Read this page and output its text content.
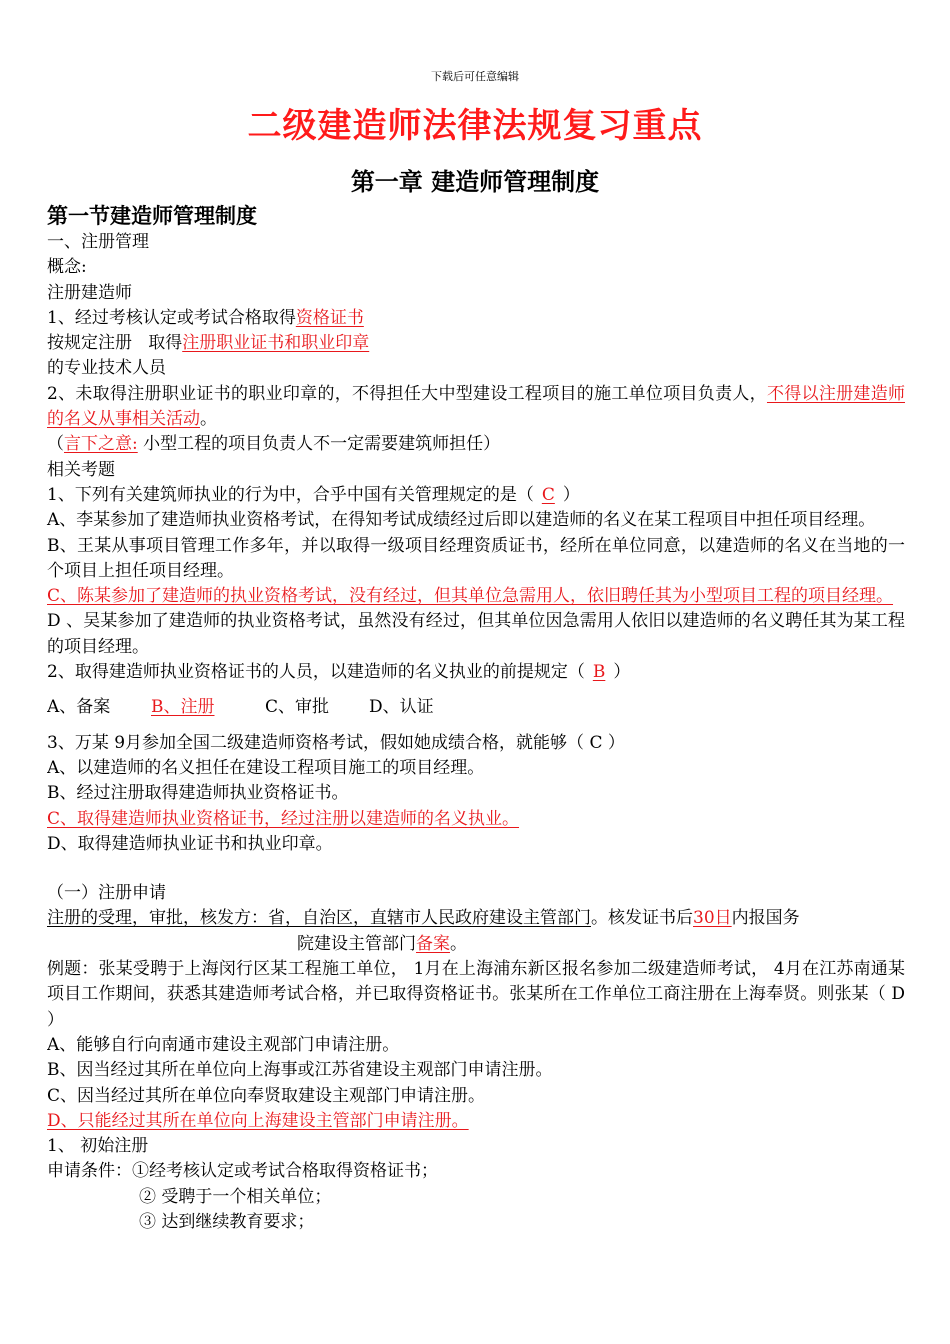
下载后可任意编辑
二级建造师法律法规复习重点
第一章 建造师管理制度
第一节建造师管理制度
一、注册管理
概念:
注册建造师
1、经过考核认定或考试合格取得资格证书
按规定注册   取得注册职业证书和职业印章
的专业技术人员
2、未取得注册职业证书的职业印章的，不得担任大中型建设工程项目的施工单位项目负责人，不得以注册建造师的名义从事相关活动。
（言下之意: 小型工程的项目负责人不一定需要建筑师担任）
相关考题
1、下列有关建筑师执业的行为中，合乎中国有关管理规定的是（ C ）
A、李某参加了建造师执业资格考试，在得知考试成绩经过后即以建造师的名义在某工程项目中担任项目经理。
B、王某从事项目管理工作多年，并以取得一级项目经理资质证书，经所在单位同意，以建造师的名义在当地的一个项目上担任项目经理。
C、陈某参加了建造师的执业资格考试，没有经过，但其单位急需用人，依旧聘任其为小型项目工程的项目经理。
D 、吴某参加了建造师的执业资格考试，虽然没有经过，但其单位因急需用人依旧以建造师的名义聘任其为某工程的项目经理。
2、取得建造师执业资格证书的人员，以建造师的名义执业的前提规定（ B ）
A、备案 B、注册	C、审批 D、认证
3、万某 9月参加全国二级建造师资格考试，假如她成绩合格，就能够（ C ）
A、以建造师的名义担任在建设工程项目施工的项目经理。
B、经过注册取得建造师执业资格证书。
C、取得建造师执业资格证书，经过注册以建造师的名义执业。
D、取得建造师执业证书和执业印章。
（一）注册申请
注册的受理，审批，核发方：省，自治区，直辖市人民政府建设主管部门。核发证书后30日内报国务
院建设主管部门备案。
例题：张某受聘于上海闵行区某工程施工单位， 1月在上海浦东新区报名参加二级建造师考试， 4月在江苏南通某项目工作期间，获悉其建造师考试合格，并已取得资格证书。张某所在工作单位工商注册在上海奉贤。则张某（ D ）
A、能够自行向南通市建设主观部门申请注册。
B、因当经过其所在单位向上海事或江苏省建设主观部门申请注册。
C、因当经过其所在单位向奉贤取建设主观部门申请注册。
D、只能经过其所在单位向上海建设主管部门申请注册。
1、 初始注册
申请条件：①经考核认定或考试合格取得资格证书；
② 受聘于一个相关单位；
③ 达到继续教育要求；
